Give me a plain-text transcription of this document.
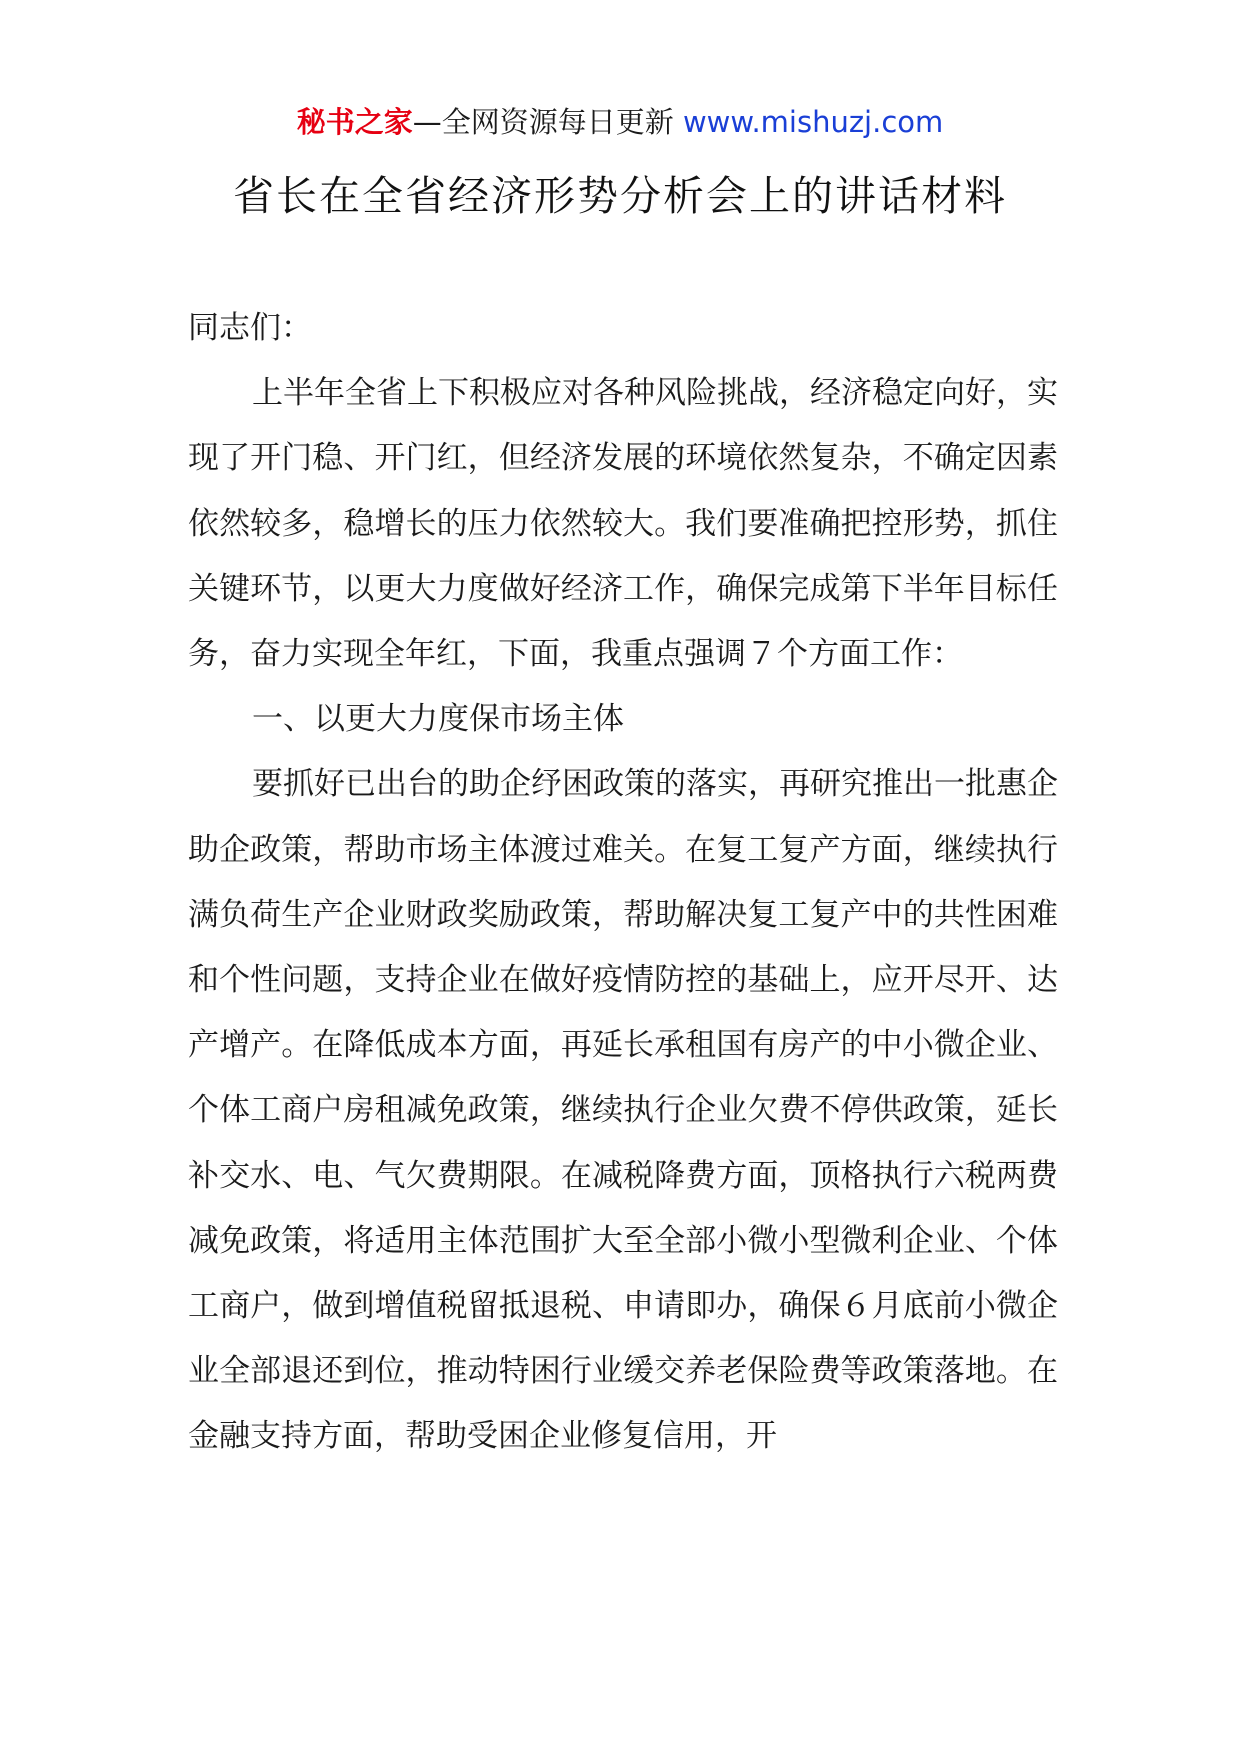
秘书之家—全网资源每日更新 www.mishuzj.com
省长在全省经济形势分析会上的讲话材料

同志们：

上半年全省上下积极应对各种风险挑战，经济稳定向好，实现了开门稳、开门红，但经济发展的环境依然复杂，不确定因素依然较多，稳增长的压力依然较大。我们要准确把控形势，抓住关键环节，以更大力度做好经济工作，确保完成第下半年目标任务，奋力实现全年红，下面，我重点强调７个方面工作：

一、以更大力度保市场主体

要抓好已出台的助企纾困政策的落实，再研究推出一批惠企助企政策，帮助市场主体渡过难关。在复工复产方面，继续执行满负荷生产企业财政奖励政策，帮助解决复工复产中的共性困难和个性问题，支持企业在做好疫情防控的基础上，应开尽开、达产增产。在降低成本方面，再延长承租国有房产的中小微企业、个体工商户房租减免政策，继续执行企业欠费不停供政策，延长补交水、电、气欠费期限。在减税降费方面，顶格执行六税两费减免政策，将适用主体范围扩大至全部小微小型微利企业、个体工商户，做到增值税留抵退税、申请即办，确保６月底前小微企业全部退还到位，推动特困行业缓交养老保险费等政策落地。在金融支持方面，帮助受困企业修复信用，开
